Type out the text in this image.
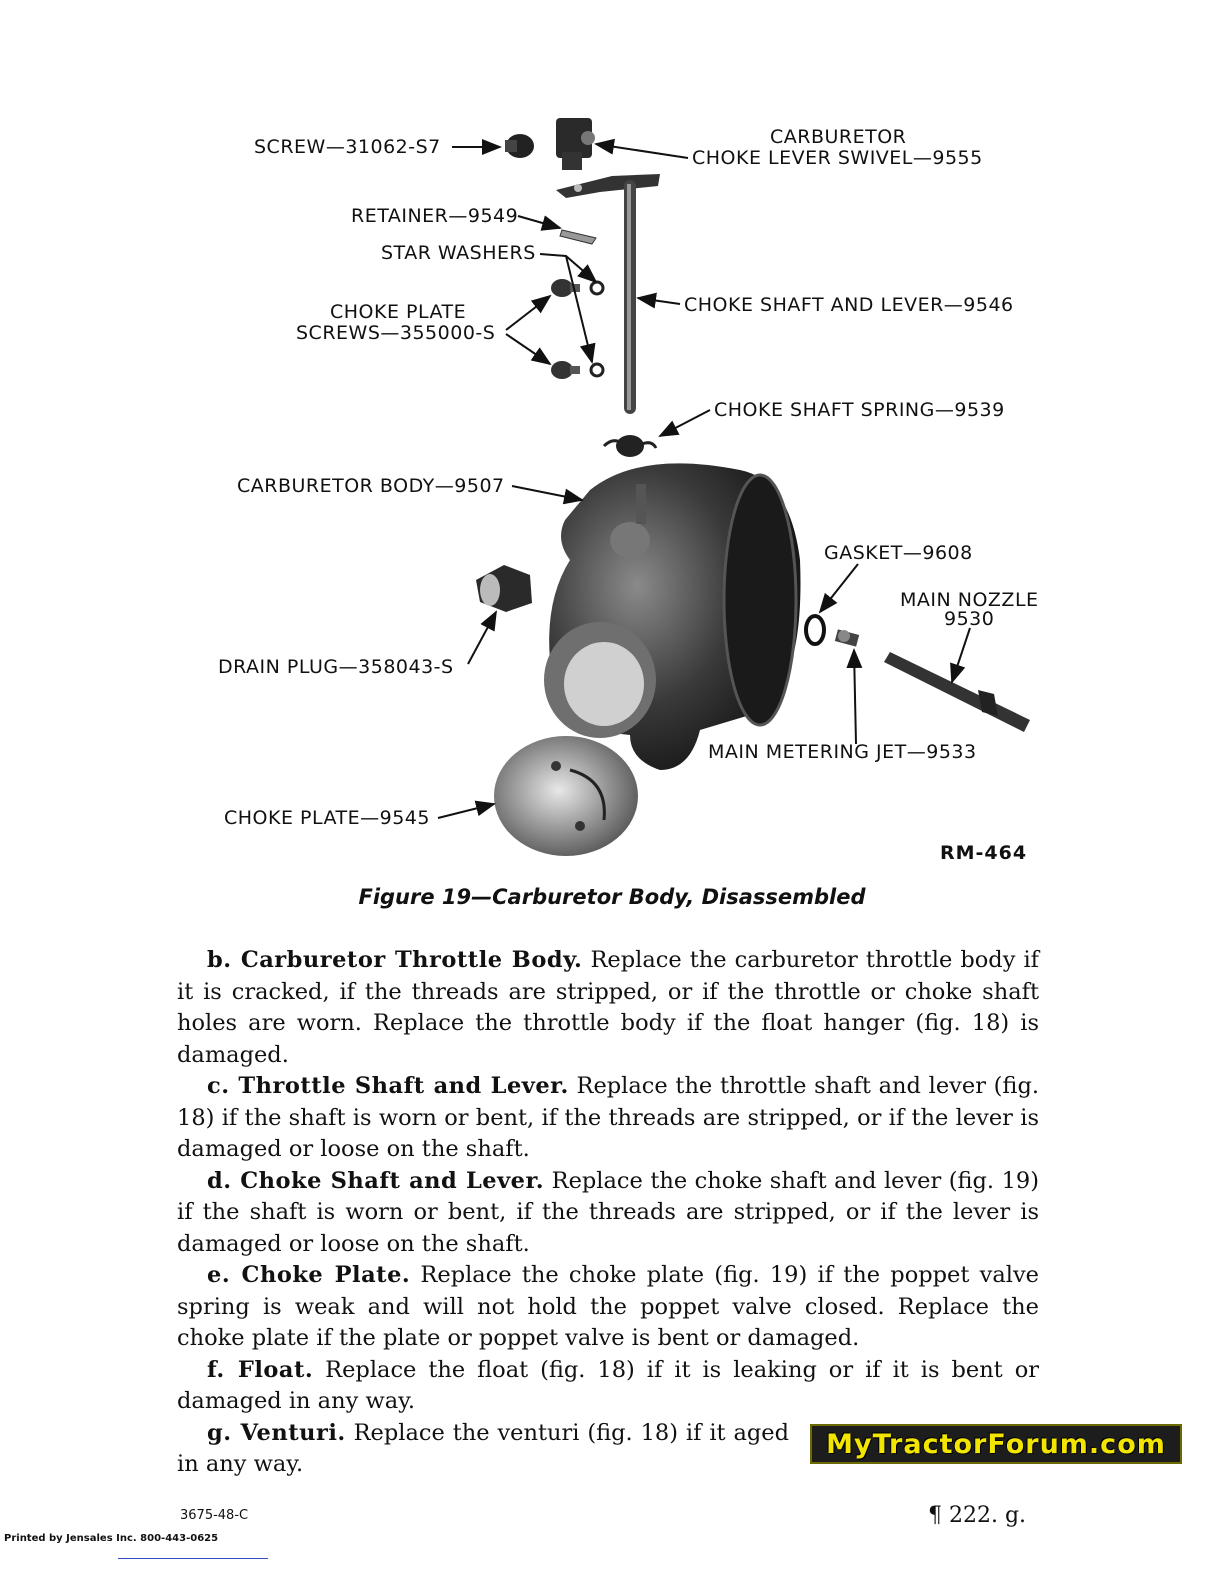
SCREW—31062-S7	CARBURETOR
CHOKE LEVER SWIVEL—9555
RETAINER—9549
STAR WASHERS
CHOKE PLATE
SCREWS—355000-S
CHOKE SHAFT AND LEVER—9546
CHOKE SHAFT SPRING—9539
CARBURETOR BODY—9507
GASKET—9608
MAIN NOZZLE
9530
DRAIN PLUG—358043-S
MAIN METERING JET—9533
CHOKE PLATE—9545
RM-464
Figure 19—Carburetor Body, Disassembled

b. Carburetor Throttle Body. Replace the carburetor throttle body if it is cracked, if the threads are stripped, or if the throttle or choke shaft holes are worn. Replace the throttle body if the float hanger (fig. 18) is damaged.

c. Throttle Shaft and Lever. Replace the throttle shaft and lever (fig. 18) if the shaft is worn or bent, if the threads are stripped, or if the lever is damaged or loose on the shaft.

d. Choke Shaft and Lever. Replace the choke shaft and lever (fig. 19) if the shaft is worn or bent, if the threads are stripped, or if the lever is damaged or loose on the shaft.

e. Choke Plate. Replace the choke plate (fig. 19) if the poppet valve spring is weak and will not hold the poppet valve closed. Replace the choke plate if the plate or poppet valve is bent or damaged.

f. Float. Replace the float (fig. 18) if it is leaking or if it is bent or damaged in any way.

g. Venturi. Replace the venturi (fig. 18) if it aged in any way.

MyTractorForum.com
3675-48-C	¶ 222. g.
Printed by Jensales Inc. 800-443-0625
